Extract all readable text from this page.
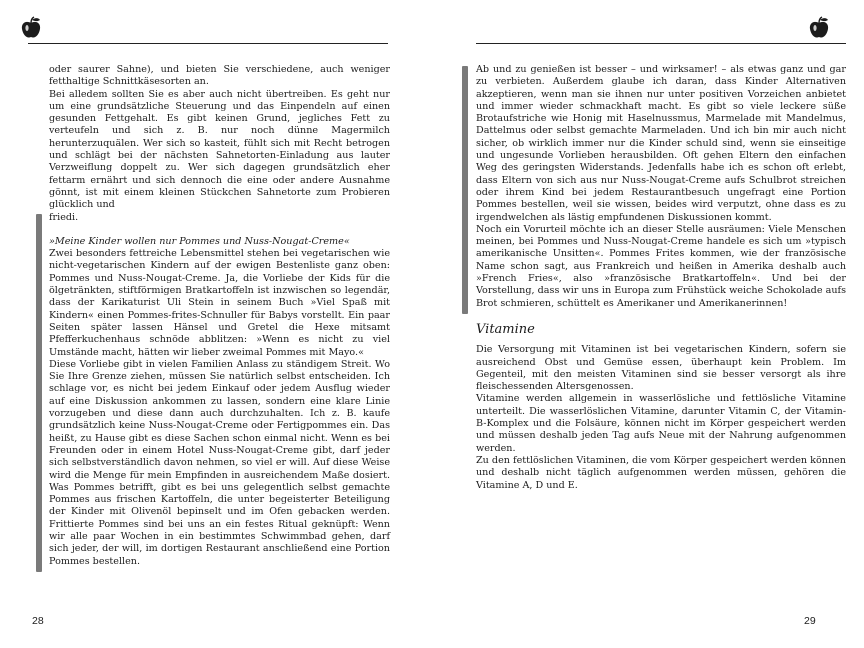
oder saurer Sahne), und bieten Sie verschiedene, auch weniger fetthaltige Schnittkäsesorten an.

Bei alledem sollten Sie es aber auch nicht übertreiben. Es geht nur um eine grundsätzliche Steuerung und das Einpendeln auf einen gesunden Fettgehalt. Es gibt keinen Grund, jegliches Fett zu verteufeln und sich z. B. nur noch dünne Magermilch herunterzuquälen. Wer sich so kasteit, fühlt sich mit Recht betrogen und schlägt bei der nächsten Sahnetorten-Einladung aus lauter Verzweiflung doppelt zu. Wer sich dagegen grundsätzlich eher fettarm ernährt und sich dennoch die eine oder andere Ausnahme gönnt, ist mit einem kleinen Stückchen Sahnetorte zum Probieren glücklich und

friedi.

»Meine Kinder wollen nur Pommes und Nuss-Nougat-Creme«

Zwei besonders fettreiche Lebensmittel stehen bei vegetarischen wie nicht-vegetarischen Kindern auf der ewigen Bestenliste ganz oben: Pommes und Nuss-Nougat-Creme. Ja, die Vorliebe der Kids für die ölgetränkten, stiftförmigen Bratkartoffeln ist inzwischen so legendär, dass der Karikaturist Uli Stein in seinem Buch »Viel Spaß mit Kindern« einen Pommes-frites-Schnuller für Babys vorstellt. Ein paar Seiten später lassen Hänsel und Gretel die Hexe mitsamt Pfefferkuchenhaus schnöde abblitzen: »Wenn es nicht zu viel Umstände macht, hätten wir lieber zweimal Pommes mit Mayo.«

Diese Vorliebe gibt in vielen Familien Anlass zu ständigem Streit. Wo Sie Ihre Grenze ziehen, müssen Sie natürlich selbst entscheiden. Ich schlage vor, es nicht bei jedem Einkauf oder jedem Ausflug wieder auf eine Diskussion ankommen zu lassen, sondern eine klare Linie vorzugeben und diese dann auch durchzuhalten. Ich z. B. kaufe grundsätzlich keine Nuss-Nougat-Creme oder Fertigpommes ein. Das heißt, zu Hause gibt es diese Sachen schon einmal nicht. Wenn es bei Freunden oder in einem Hotel Nuss-Nougat-Creme gibt, darf jeder sich selbstverständlich davon nehmen, so viel er will. Auf diese Weise wird die Menge für mein Empfinden in ausreichendem Maße dosiert. Was Pommes betrifft, gibt es bei uns gelegentlich selbst gemachte Pommes aus frischen Kartoffeln, die unter begeisterter Beteiligung der Kinder mit Olivenöl bepinselt und im Ofen gebacken werden. Frittierte Pommes sind bei uns an ein festes Ritual geknüpft: Wenn wir alle paar Wochen in ein bestimmtes Schwimmbad gehen, darf sich jeder, der will, im dortigen Restaurant anschließend eine Portion Pommes bestellen.

28

Ab und zu genießen ist besser – und wirksamer! – als etwas ganz und gar zu verbieten. Außerdem glaube ich daran, dass Kinder Alternativen akzeptieren, wenn man sie ihnen nur unter positiven Vorzeichen anbietet und immer wieder schmackhaft macht. Es gibt so viele leckere süße Brotaufstriche wie Honig mit Haselnussmus, Marmelade mit Mandelmus, Dattelmus oder selbst gemachte Marmeladen. Und ich bin mir auch nicht sicher, ob wirklich immer nur die Kinder schuld sind, wenn sie einseitige und ungesunde Vorlieben herausbilden. Oft gehen Eltern den einfachen Weg des geringsten Widerstands. Jedenfalls habe ich es schon oft erlebt, dass Eltern von sich aus nur Nuss-Nougat-Creme aufs Schulbrot streichen oder ihrem Kind bei jedem Restaurantbesuch ungefragt eine Portion Pommes bestellen, weil sie wissen, beides wird verputzt, ohne dass es zu irgendwelchen als lästig empfundenen Diskussionen kommt.

Noch ein Vorurteil möchte ich an dieser Stelle ausräumen: Viele Menschen meinen, bei Pommes und Nuss-Nougat-Creme handele es sich um »typisch amerikanische Unsitten«. Pommes Frites kommen, wie der französische Name schon sagt, aus Frankreich und heißen in Amerika deshalb auch »French Fries«, also »französische Bratkartoffeln«. Und bei der Vorstellung, dass wir uns in Europa zum Frühstück weiche Schokolade aufs Brot schmieren, schüttelt es Amerikaner und Amerikanerinnen!

Vitamine

Die Versorgung mit Vitaminen ist bei vegetarischen Kindern, sofern sie ausreichend Obst und Gemüse essen, überhaupt kein Problem. Im Gegenteil, mit den meisten Vitaminen sind sie besser versorgt als ihre fleischessenden Altersgenossen.

Vitamine werden allgemein in wasserlösliche und fettlösliche Vitamine unterteilt. Die wasserlöslichen Vitamine, darunter Vitamin C, der Vitamin-B-Komplex und die Folsäure, können nicht im Körper gespeichert werden und müssen deshalb jeden Tag aufs Neue mit der Nahrung aufgenommen werden.

Zu den fettlöslichen Vitaminen, die vom Körper gespeichert werden können und deshalb nicht täglich aufgenommen werden müssen, gehören die Vitamine A, D und E.

29
